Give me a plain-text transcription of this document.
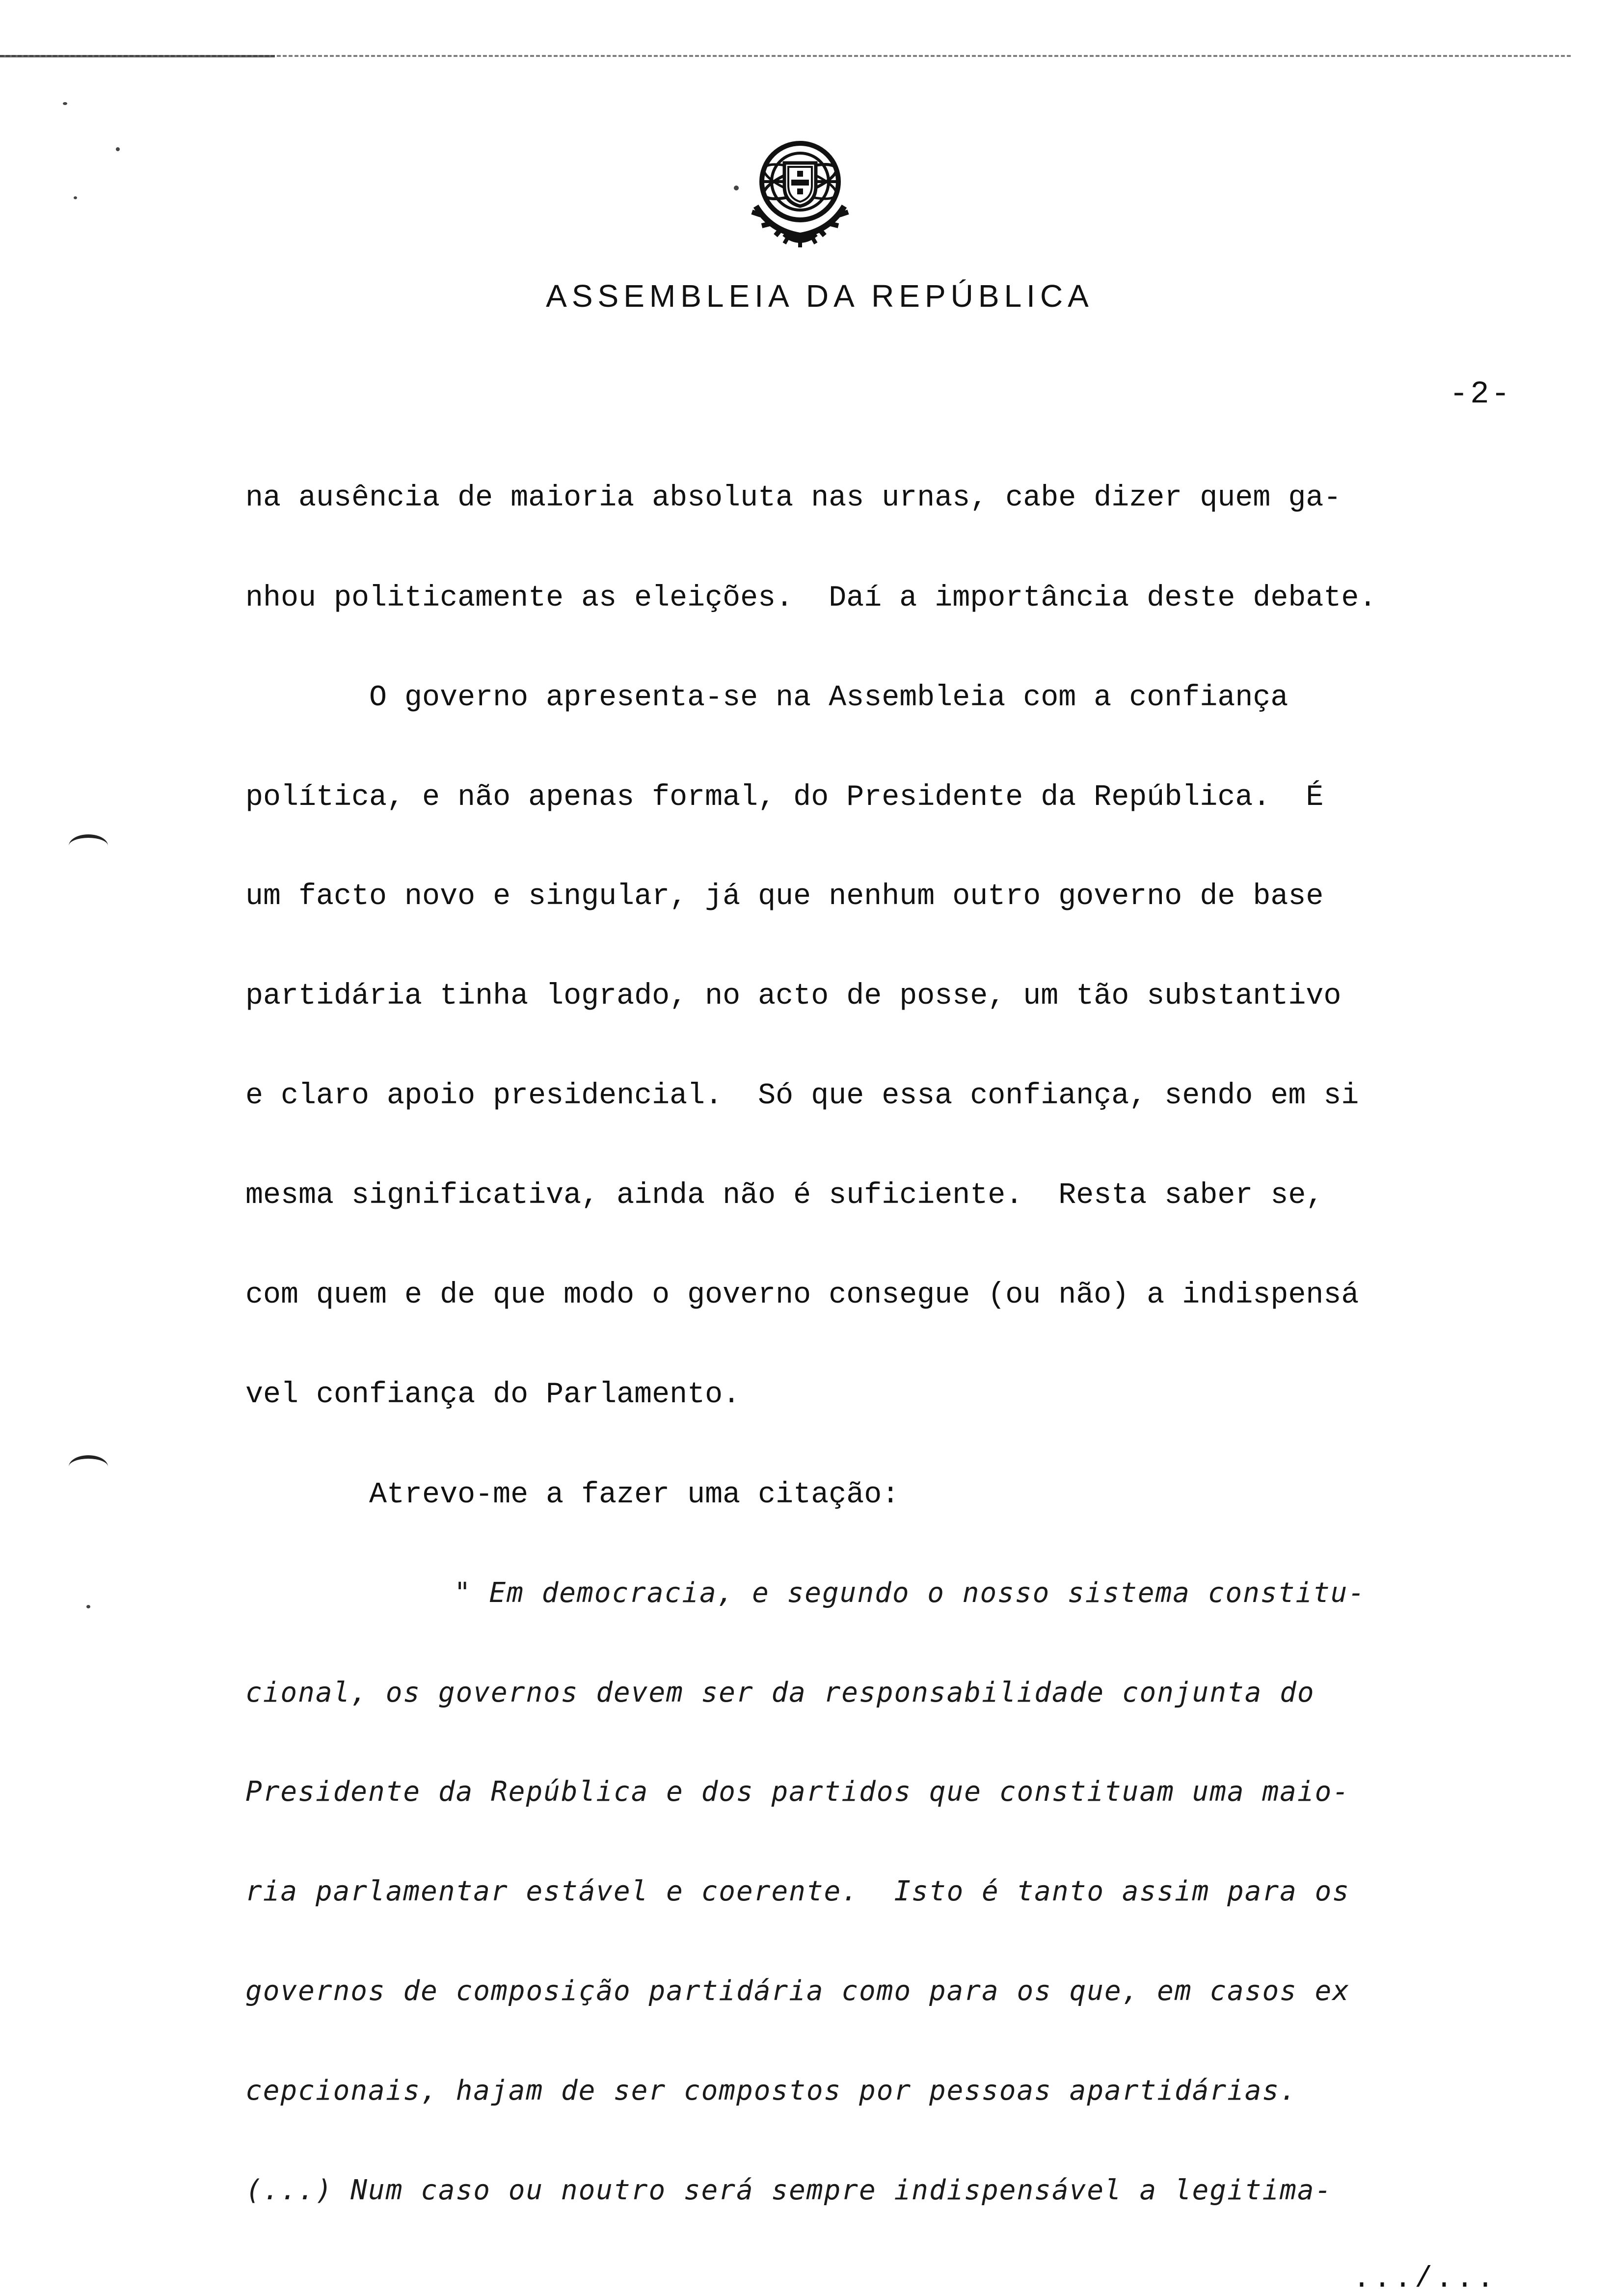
ASSEMBLEIA DA REPÚBLICA
-2-
na ausência de maioria absoluta nas urnas, cabe dizer quem ga-
nhou politicamente as eleições.  Daí a importância deste debate.
O governo apresenta-se na Assembleia com a confiança
política, e não apenas formal, do Presidente da República.  É
um facto novo e singular, já que nenhum outro governo de base
partidária tinha logrado, no acto de posse, um tão substantivo
e claro apoio presidencial.  Só que essa confiança, sendo em si
mesma significativa, ainda não é suficiente.  Resta saber se,
com quem e de que modo o governo consegue (ou não) a indispensá
vel confiança do Parlamento.
Atrevo-me a fazer uma citação:
" Em democracia, e segundo o nosso sistema constitu-
cional, os governos devem ser da responsabilidade conjunta do
Presidente da República e dos partidos que constituam uma maio-
ria parlamentar estável e coerente.  Isto é tanto assim para os
governos de composição partidária como para os que, em casos ex
cepcionais, hajam de ser compostos por pessoas apartidárias.
(...) Num caso ou noutro será sempre indispensável a legitima-
.../...
